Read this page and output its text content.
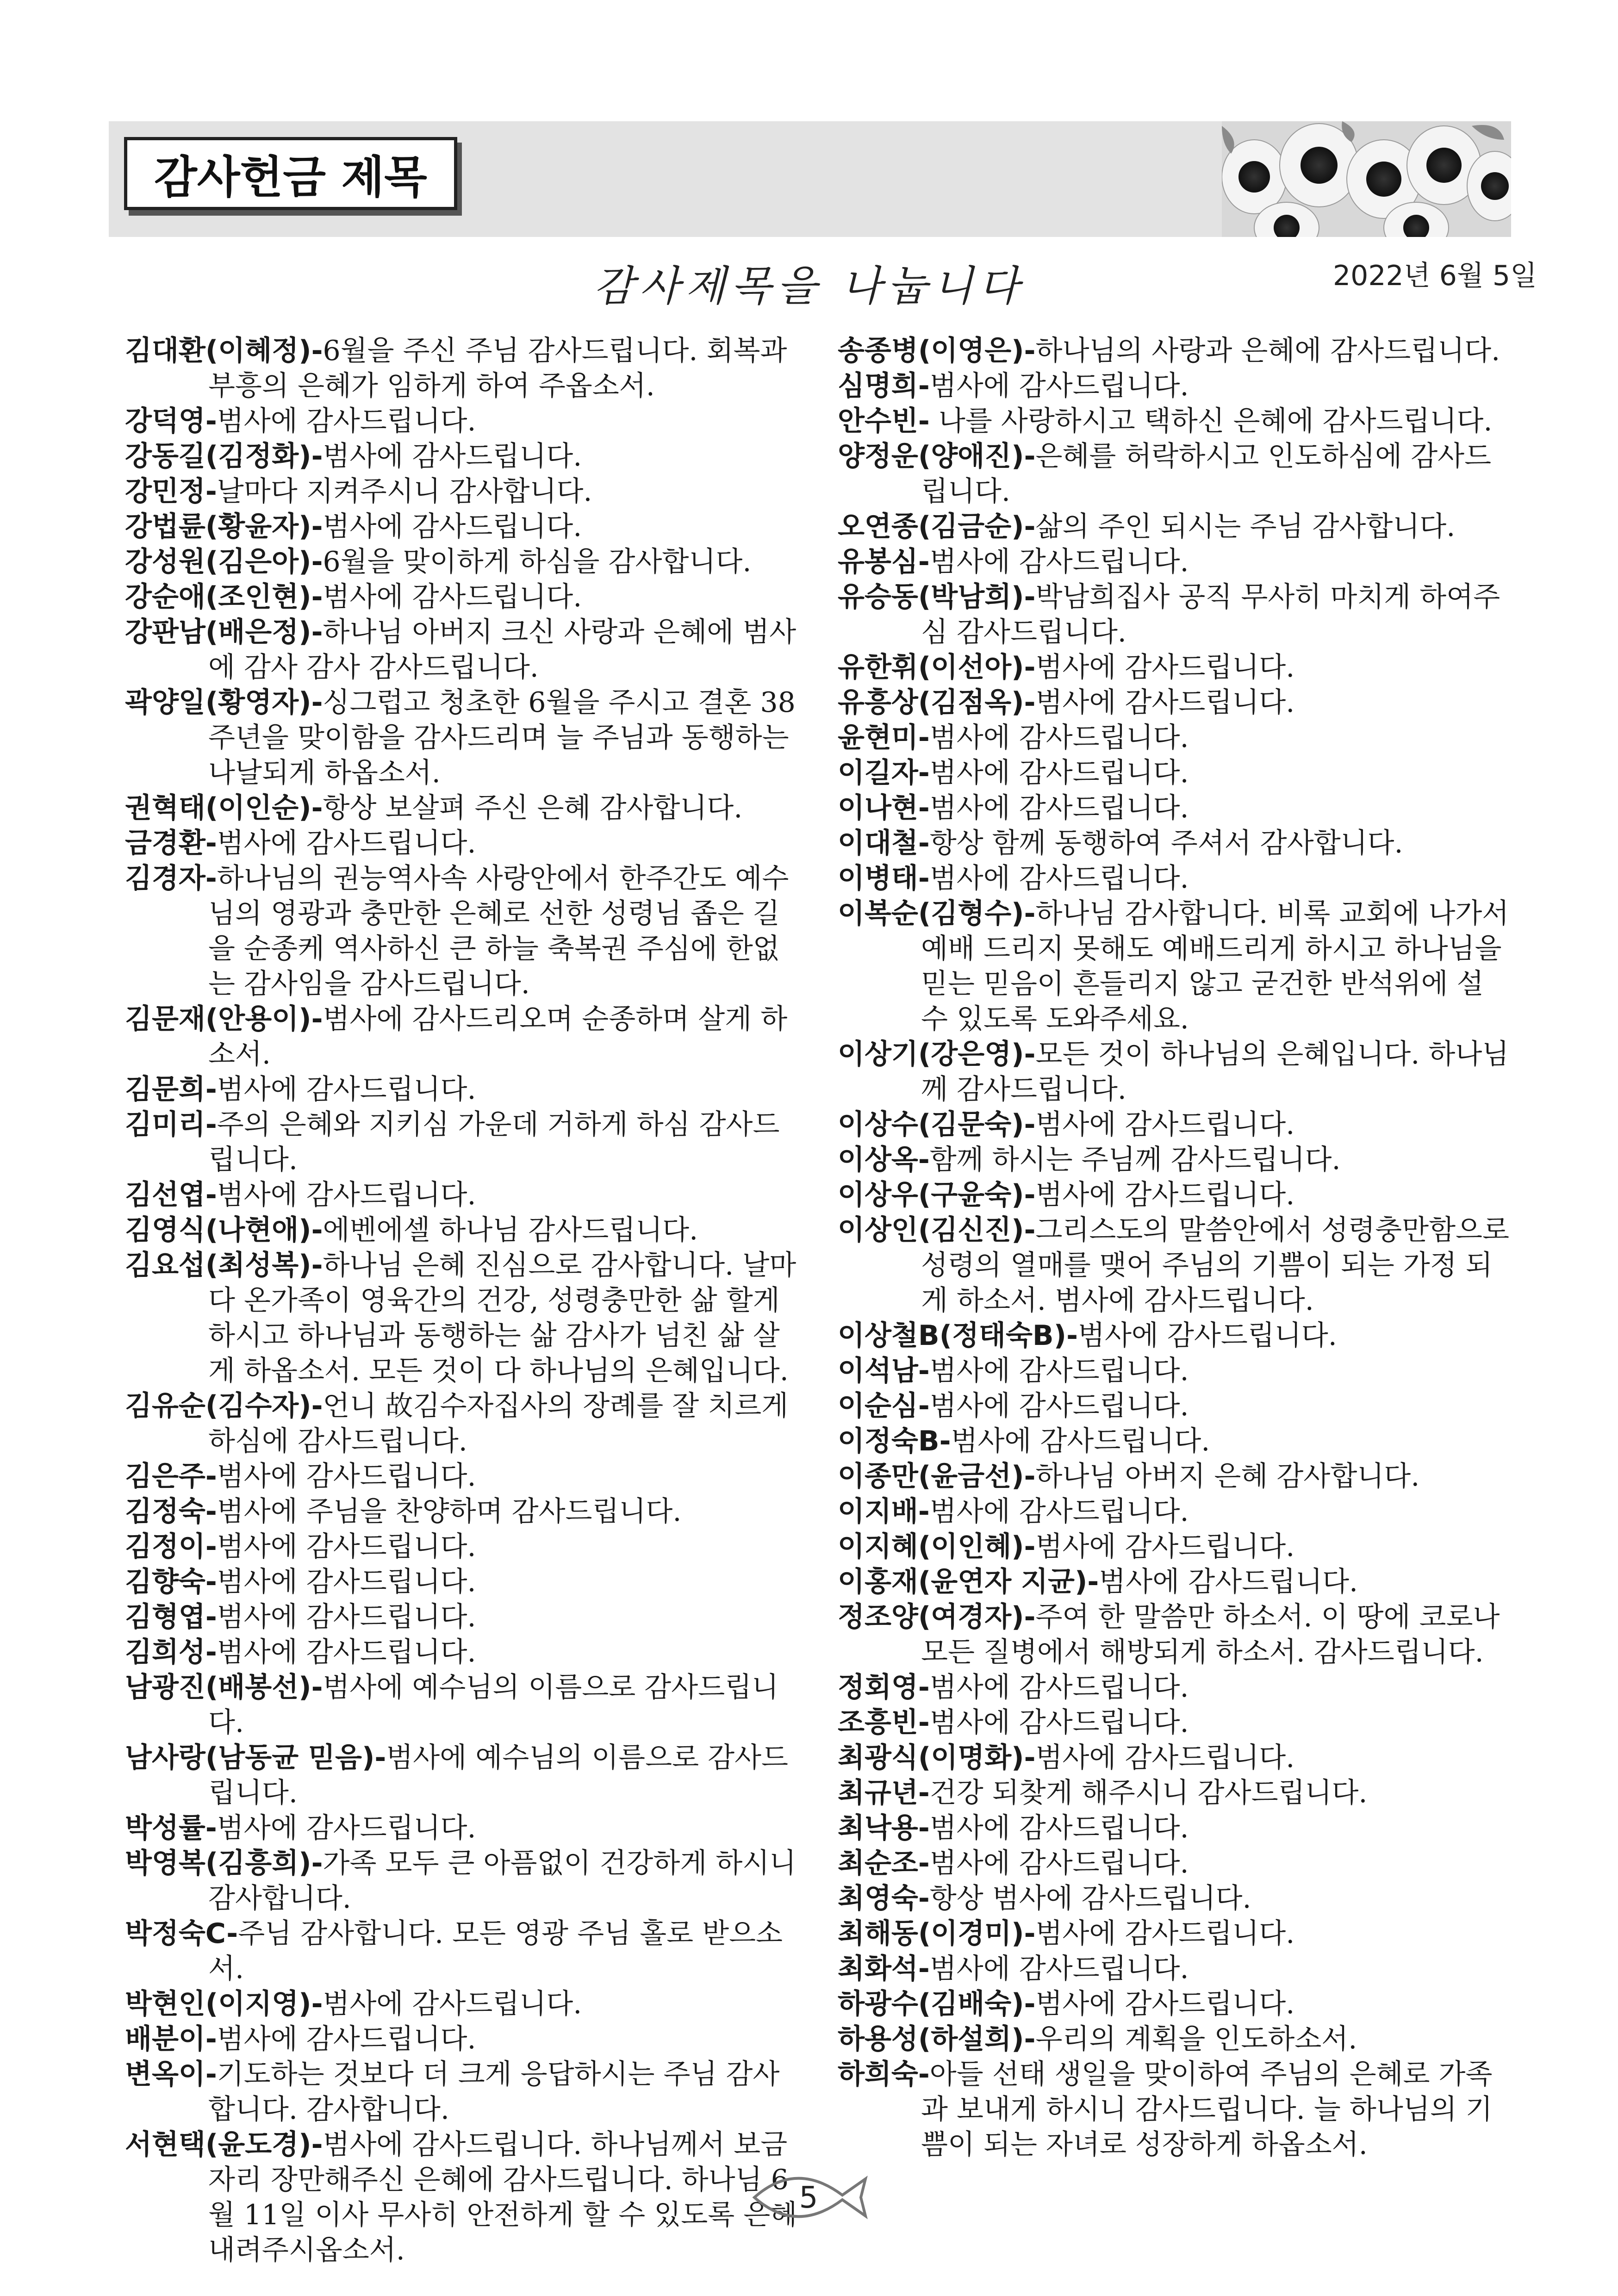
감사헌금 제목
감사제목을 나눕니다	2022년 6월 5일
김대환(이혜정)-6월을 주신 주님 감사드립니다. 회복과 부흥의 은혜가 임하게 하여 주옵소서.
강덕영-범사에 감사드립니다.
강동길(김정화)-범사에 감사드립니다.
강민정-날마다 지켜주시니 감사합니다.
강법륜(황윤자)-범사에 감사드립니다.
강성원(김은아)-6월을 맞이하게 하심을 감사합니다.
강순애(조인현)-범사에 감사드립니다.
강판남(배은정)-하나님 아버지 크신 사랑과 은혜에 범사에 감사 감사 감사드립니다.
곽양일(황영자)-싱그럽고 청초한 6월을 주시고 결혼 38주년을 맞이함을 감사드리며 늘 주님과 동행하는 나날되게 하옵소서.
권혁태(이인순)-항상 보살펴 주신 은혜 감사합니다.
금경환-범사에 감사드립니다.
김경자-하나님의 권능역사속 사랑안에서 한주간도 예수님의 영광과 충만한 은혜로 선한 성령님 좁은 길을 순종케 역사하신 큰 하늘 축복권 주심에 한없는 감사임을 감사드립니다.
김문재(안용이)-범사에 감사드리오며 순종하며 살게 하소서.
김문희-범사에 감사드립니다.
김미리-주의 은혜와 지키심 가운데 거하게 하심 감사드립니다.
김선엽-범사에 감사드립니다.
김영식(나현애)-에벤에셀 하나님 감사드립니다.
김요섭(최성복)-하나님 은혜 진심으로 감사합니다. 날마다 온가족이 영육간의 건강, 성령충만한 삶 할게 하시고 하나님과 동행하는 삶 감사가 넘친 삶 살게 하옵소서. 모든 것이 다 하나님의 은혜입니다.
김유순(김수자)-언니 故김수자집사의 장례를 잘 치르게 하심에 감사드립니다.
김은주-범사에 감사드립니다.
김정숙-범사에 주님을 찬양하며 감사드립니다.
김정이-범사에 감사드립니다.
김향숙-범사에 감사드립니다.
김형엽-범사에 감사드립니다.
김희성-범사에 감사드립니다.
남광진(배봉선)-범사에 예수님의 이름으로 감사드립니다.
남사랑(남동균 믿음)-범사에 예수님의 이름으로 감사드립니다.
박성률-범사에 감사드립니다.
박영복(김흥희)-가족 모두 큰 아픔없이 건강하게 하시니 감사합니다.
박정숙C-주님 감사합니다. 모든 영광 주님 홀로 받으소서.
박현인(이지영)-범사에 감사드립니다.
배분이-범사에 감사드립니다.
변옥이-기도하는 것보다 더 크게 응답하시는 주님 감사합니다. 감사합니다.
서현택(윤도경)-범사에 감사드립니다. 하나님께서 보금자리 장만해주신 은혜에 감사드립니다. 하나님 6월 11일 이사 무사히 안전하게 할 수 있도록 은혜 내려주시옵소서.
송종병(이영은)-하나님의 사랑과 은혜에 감사드립니다.
심명희-범사에 감사드립니다.
안수빈- 나를 사랑하시고 택하신 은혜에 감사드립니다.
양정운(양애진)-은혜를 허락하시고 인도하심에 감사드립니다.
오연종(김금순)-삶의 주인 되시는 주님 감사합니다.
유봉심-범사에 감사드립니다.
유승동(박남희)-박남희집사 공직 무사히 마치게 하여주심 감사드립니다.
유한휘(이선아)-범사에 감사드립니다.
유흥상(김점옥)-범사에 감사드립니다.
윤현미-범사에 감사드립니다.
이길자-범사에 감사드립니다.
이나현-범사에 감사드립니다.
이대철-항상 함께 동행하여 주셔서 감사합니다.
이병태-범사에 감사드립니다.
이복순(김형수)-하나님 감사합니다. 비록 교회에 나가서 예배 드리지 못해도 예배드리게 하시고 하나님을 믿는 믿음이 흔들리지 않고 굳건한 반석위에 설 수 있도록 도와주세요.
이상기(강은영)-모든 것이 하나님의 은혜입니다. 하나님께 감사드립니다.
이상수(김문숙)-범사에 감사드립니다.
이상옥-함께 하시는 주님께 감사드립니다.
이상우(구윤숙)-범사에 감사드립니다.
이상인(김신진)-그리스도의 말씀안에서 성령충만함으로 성령의 열매를 맺어 주님의 기쁨이 되는 가정 되게 하소서. 범사에 감사드립니다.
이상철B(정태숙B)-범사에 감사드립니다.
이석남-범사에 감사드립니다.
이순심-범사에 감사드립니다.
이정숙B-범사에 감사드립니다.
이종만(윤금선)-하나님 아버지 은혜 감사합니다.
이지배-범사에 감사드립니다.
이지혜(이인혜)-범사에 감사드립니다.
이홍재(윤연자 지균)-범사에 감사드립니다.
정조양(여경자)-주여 한 말씀만 하소서. 이 땅에 코로나 모든 질병에서 해방되게 하소서. 감사드립니다.
정회영-범사에 감사드립니다.
조흥빈-범사에 감사드립니다.
최광식(이명화)-범사에 감사드립니다.
최규년-건강 되찾게 해주시니 감사드립니다.
최낙용-범사에 감사드립니다.
최순조-범사에 감사드립니다.
최영숙-항상 범사에 감사드립니다.
최해동(이경미)-범사에 감사드립니다.
최화석-범사에 감사드립니다.
하광수(김배숙)-범사에 감사드립니다.
하용성(하설희)-우리의 계획을 인도하소서.
하희숙-아들 선태 생일을 맞이하여 주님의 은혜로 가족과 보내게 하시니 감사드립니다. 늘 하나님의 기쁨이 되는 자녀로 성장하게 하옵소서.
5
